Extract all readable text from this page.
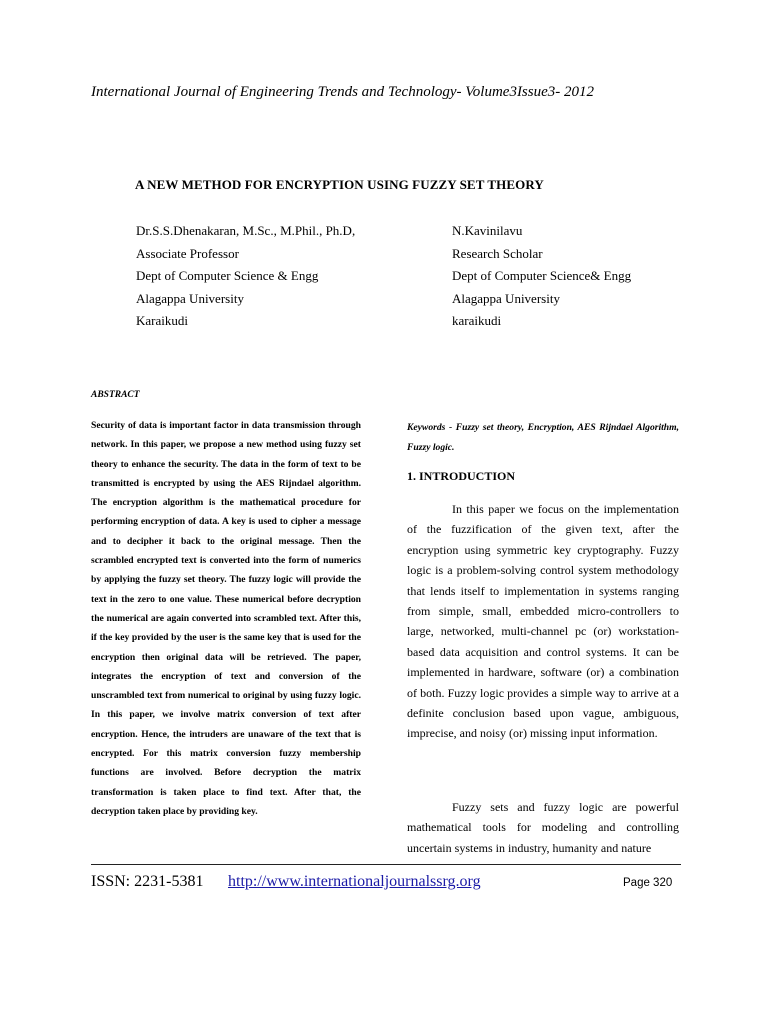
International Journal of Engineering Trends and Technology- Volume3Issue3- 2012
A NEW METHOD FOR ENCRYPTION USING FUZZY SET THEORY
Dr.S.S.Dhenakaran, M.Sc., M.Phil., Ph.D,
Associate Professor
Dept of Computer Science & Engg
Alagappa University
Karaikudi
N.Kavinilavu
Research Scholar
Dept of Computer Science& Engg
Alagappa University
karaikudi
ABSTRACT

Security of data is important factor in data transmission through network. In this paper, we propose a new method using fuzzy set theory to enhance the security. The data in the form of text to be transmitted is encrypted by using the AES Rijndael algorithm. The encryption algorithm is the mathematical procedure for performing encryption of data. A key is used to cipher a message and to decipher it back to the original message. Then the scrambled encrypted text is converted into the form of numerics by applying the fuzzy set theory. The fuzzy logic will provide the text in the zero to one value. These numerical before decryption the numerical are again converted into scrambled text. After this, if the key provided by the user is the same key that is used for the encryption then original data will be retrieved. The paper, integrates the encryption of text and conversion of the unscrambled text from numerical to original by using fuzzy logic. In this paper, we involve matrix conversion of text after encryption. Hence, the intruders are unaware of the text that is encrypted. For this matrix conversion fuzzy membership functions are involved. Before decryption the matrix transformation is taken place to find text. After that, the decryption taken place by providing key.

Keywords - Fuzzy set theory, Encryption, AES Rijndael Algorithm, Fuzzy logic.

1. INTRODUCTION

In this paper we focus on the implementation of the fuzzification of the given text, after the encryption using symmetric key cryptography. Fuzzy logic is a problem-solving control system methodology that lends itself to implementation in systems ranging from simple, small, embedded micro-controllers to large, networked, multi-channel pc (or) workstation-based data acquisition and control systems. It can be implemented in hardware, software (or) a combination of both. Fuzzy logic provides a simple way to arrive at a definite conclusion based upon vague, ambiguous, imprecise, and noisy (or) missing input information.

Fuzzy sets and fuzzy logic are powerful mathematical tools for modeling and controlling uncertain systems in industry, humanity and nature

ISSN: 2231-5381 http://www.internationaljournalssrg.org	Page 320
